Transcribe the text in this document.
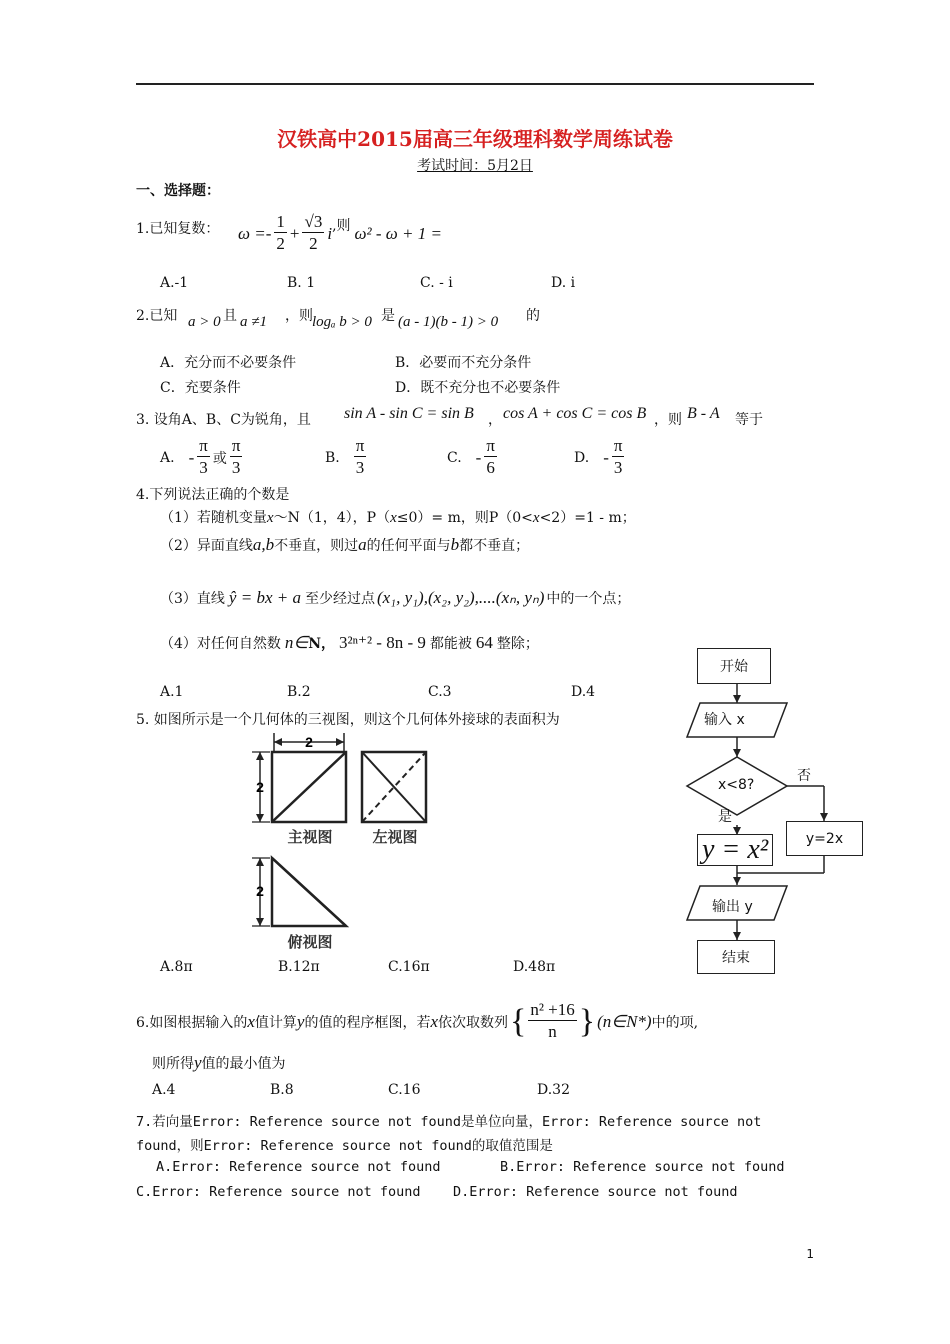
汉铁高中2015届高三年级理科数学周练试卷
考试时间：5月2日
一、选择题：
1.已知复数： $\omega =- \frac{1}{2} + \frac{√3}{2}$ i ,则 ω² - ω + 1 =
A.-1	B. 1	C. - i	D. i
2.已知 a > 0 且 a ≠1 ，则 logₐ b > 0 是 (a - 1)(b - 1) > 0 的
A．充分而不必要条件	B．必要而不充分条件
C．充要条件	D．既不充分也不必要条件
3. 设角A、B、C为锐角，且 sin A - sin C = sin B ， cos A + cos C = cos B ，则 B - A 等于
A. - $\frac{\pi}{3}$ 或 $\frac{\pi}{3}$	B. $\frac{\pi}{3}$	C. - $\frac{\pi}{6}$	D. - $\frac{\pi}{3}$
4.下列说法正确的个数是
（1）若随机变量 x ～N（1，4），P（ x ≤0）= m，则P（0< x <2）=1 - m；
（2）异面直线 a,b 不垂直，则过 a 的任何平面与 b 都不垂直；
（3）直线 ŷ = bx + a 至少经过点 (x₁, y₁),(x₂, y₂),....(xₙ, yₙ) 中的一个点；
（4）对任何自然数 n∈ N， 3²ⁿ⁺² - 8n - 9 都能被 64 整除；
A.1	B.2	C.3	D.4
5. 如图所示是一个几何体的三视图，则这个几何体外接球的表面积为
2
2
主视图	左视图
2
俯视图
A.8π	B.12π	C.16π	D.48π
开始
输入 x
x<8?
否
是
y = x²	y=2x
输出 y
结束
6.如图根据输入的 x 值计算 y 的值的程序框图，若 x 依次取数列 { $\frac{\text{n² +16}}{n}$ } (n∈N*) 中的项,
则所得 y 值的最小值为
A.4	B.8	C.16	D.32
7.若向量Error: Reference source not found是单位向量，Error: Reference source not
found，则Error: Reference source not found的取值范围是
A.Error: Reference source not found	B.Error: Reference source not found
C.Error: Reference source not found D.Error: Reference source not found
1
